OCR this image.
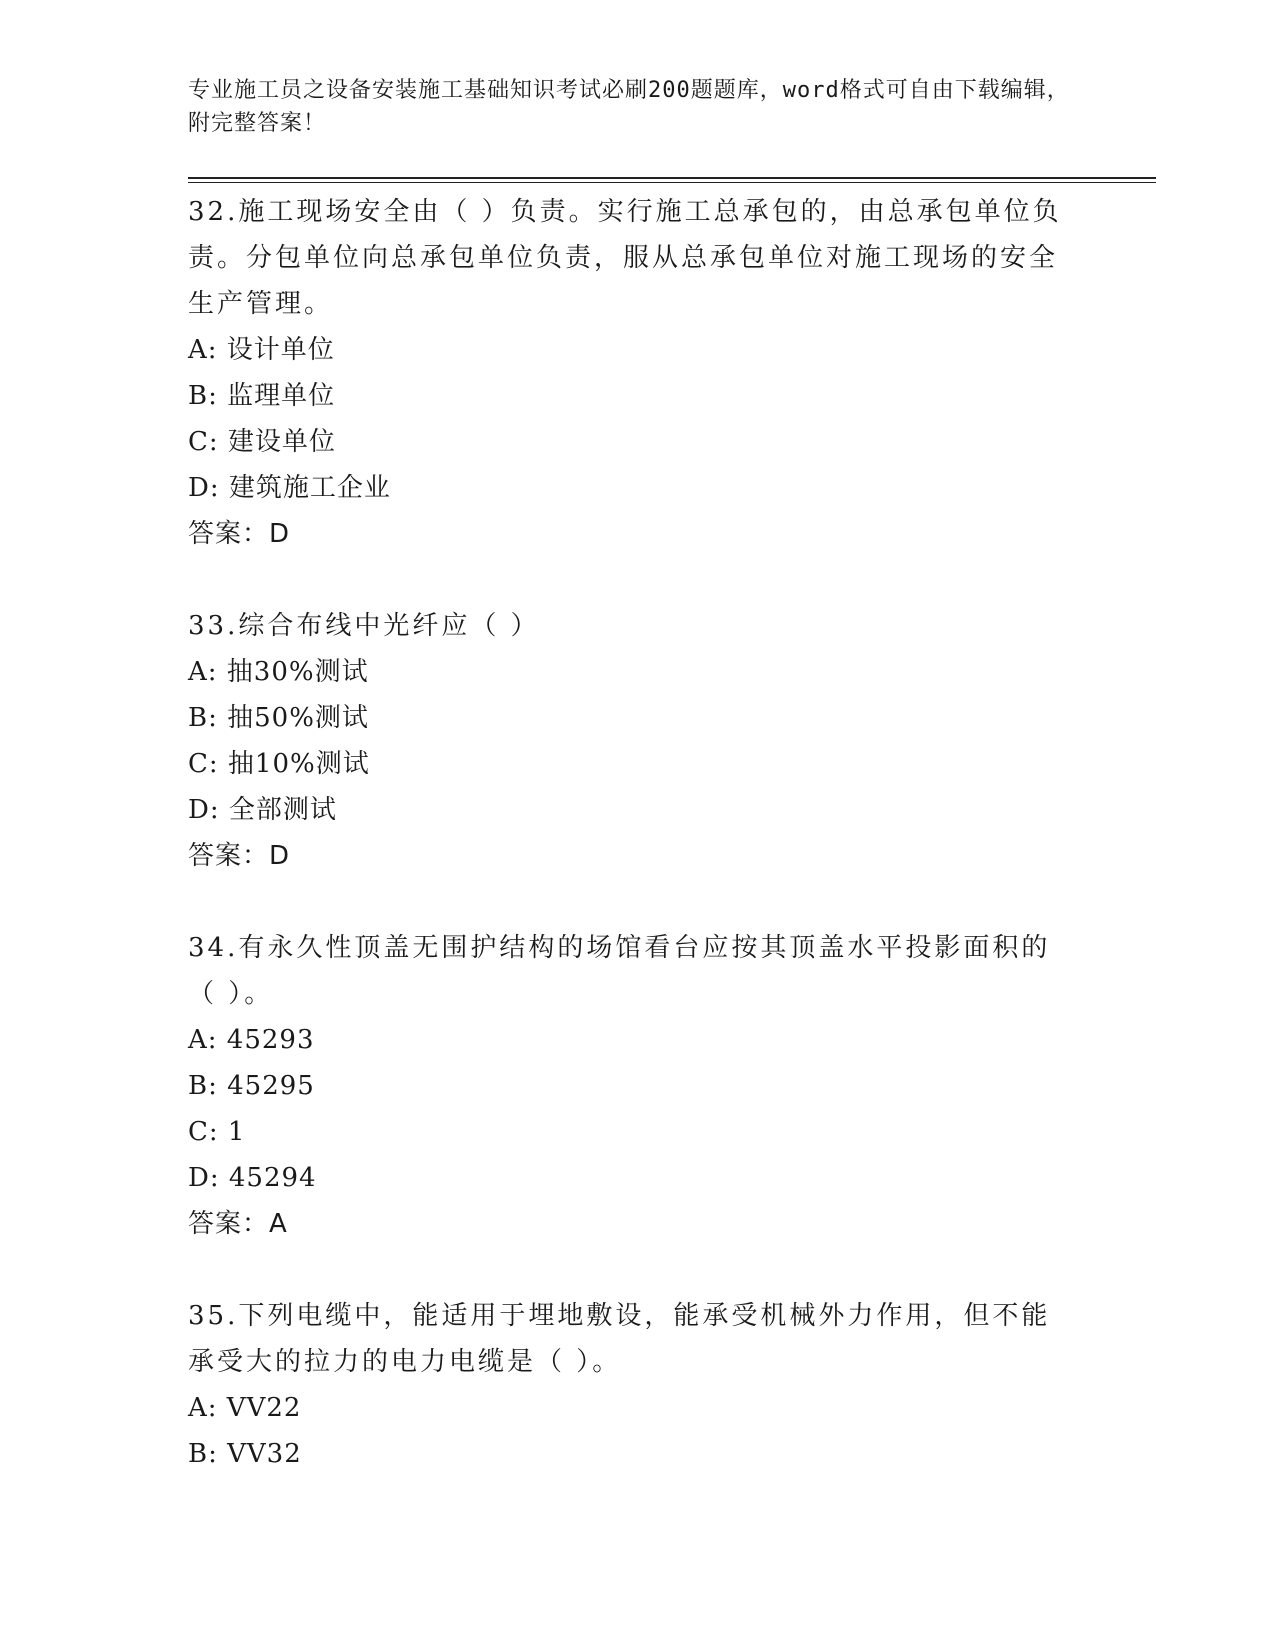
专业施工员之设备安装施工基础知识考试必刷200题题库，word格式可自由下载编辑，附完整答案！
32.施工现场安全由（ ）负责。实行施工总承包的，由总承包单位负责。分包单位向总承包单位负责，服从总承包单位对施工现场的安全生产管理。
A: 设计单位
B: 监理单位
C: 建设单位
D: 建筑施工企业
答案：D
33.综合布线中光纤应（ ）
A: 抽30%测试
B: 抽50%测试
C: 抽10%测试
D: 全部测试
答案：D
34.有永久性顶盖无围护结构的场馆看台应按其顶盖水平投影面积的（ ）。
A: 45293
B: 45295
C: 1
D: 45294
答案：A
35.下列电缆中，能适用于埋地敷设，能承受机械外力作用，但不能承受大的拉力的电力电缆是（ ）。
A: VV22
B: VV32
